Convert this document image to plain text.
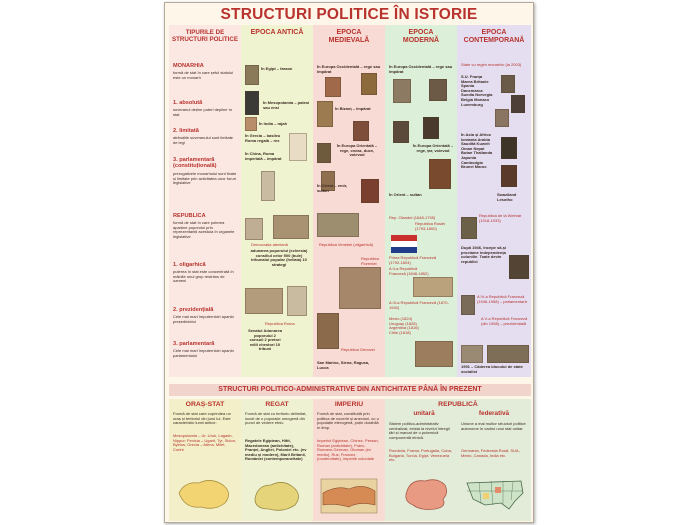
STRUCTURI POLITICE ÎN ISTORIE
TIPURILE DE STRUCTURI POLITICE
EPOCA ANTICĂ	EPOCA MEDIEVALĂ
EPOCA MODERNĂ
EPOCA CONTEMPORANĂ
MONARHIA
formă de stat în care șeful statului este un monarh
1. absolută
suveranul deține puteri depline în stat
2. limitată
atribuțiile suveranului sunt limitate de legi
3. parlamentară (constituțională)
prerogativele monarhului sunt fixate și limitate prin activitatea unor foruri legislative
REPUBLICA
formă de stat în care puterea aparține poporului prin reprezentanții acestuia în organele legislative
1. oligarhică
puterea în stat este concentrată în mâinile unui grup restrâns de oameni
2. prezidențială
Cele mai mari împuterniciri aparțin președintelui
3. parlamentară
Cele mai mari împuterniciri aparțin parlamentului
În Egipt – faraon
În Mesopotamia – patesi sau ensi
În India – rajah
În Grecia – basileu Roma regală – rex
În China, Roma imperială – împărat
Democrația ateniană
adunarea poporului (ecleesia) consiliul celor 500 (bule) tribunalul popular (heliaia) 10 strategi
Republica Roma
Senatul Adunarea poporului 2 consuli 2 pretori edili chestori 10 tribuni
În Europa Occidentală – rege sau împărat
În Bizanț – împărat
În Europa Orientală – rege, cneaz, duce, voievod
În Orient – emir, sultan
Republica Veneției (oligarhică)
Republica Florenței
Republica Genovei
San Marino, Siena, Ragusa, Lucca
În Europa Occidentală – rege sau împărat
În Europa Orientală – rege, țar, voievod
În Orient – sultan
Rep. Olandei (1648-1795)
Republica Rusiei (1793-1800)
Prima Republică Franceză (1792-1804)
A II-a Republică Franceză (1848-1852)
A III-a Republică Franceză (1870-1940)
Mexic (1824) Uruguay (1828) Argentina (1816) Chile (1818)
State cu regim monarhic (la 2003)
S.U. Franța Marea Britanie Spania Danemarca Suedia Norvegia Belgia Monaco Luxemburg
În Asia și Africa Iordania Arabia Saudită Kuweit Oman Nepal Butan Thailanda Japonia Cambodgia Brunei Maroc
Swaziland Lesotho
Republica de la Weimar (1918-1933)
După 1946, începe să-și proclame independența coloniile. Toate devin republici
A IV-a Republică Franceză (1946-1958) – parlamentară
A V-a Republică Franceză (din 1958) – prezidențială
1991 – Căderea blocului de state socialist
STRUCTURI POLITICO-ADMINISTRATIVE DIN ANTICHITATE PÂNĂ ÎN PREZENT
ORAȘ-STAT
Formă de stat care cuprindea un oraș și teritoriul din jurul lui. Este caracteristic lumii antice:
Mesopotamia – Ur, Uruk, Lagash, Nippur; Fenicia – Ugarit, Tyr, Sidon, Byblos; Grecia – Atena, Milet, Corint
REGAT
Formă de stat cu teritoriu delimitat, locuit de o populație omogenă din punct de vedere etnic.
Regatele Egiptean, Hitit, Macedonean (antichitate), Franței, Angliei, Poloniei etc. (ev mediu și modern), Marii Britanii, României (contemporaneitate)
IMPERIU
Formă de stat, constituită prin politica de cuceriri și anexiuni, cu o populație eterogenă, puțin durabilă în timp.
Imperiul Egiptean, Chinez, Persan, Roman (antichitate), Franc, Romano-German, Otoman (ev mediu), Rus, Francez, (modernitate), imperile coloniale
REPUBLICĂ
unitară	federativă
Sistem politico-administrativ centralizat, exista la nivelul întregii țări și marcat de o puternică componentă etnică.
România, Franța, Portugalia, Cuba, Bulgaria, Turcia, Egipt, Venezuela etc.
Uniune a mai multor structuri politice autonome în cadrul unui stat unitar.
Germania, Federația Rusă, SUA, Mexic, Canada, India etc.
